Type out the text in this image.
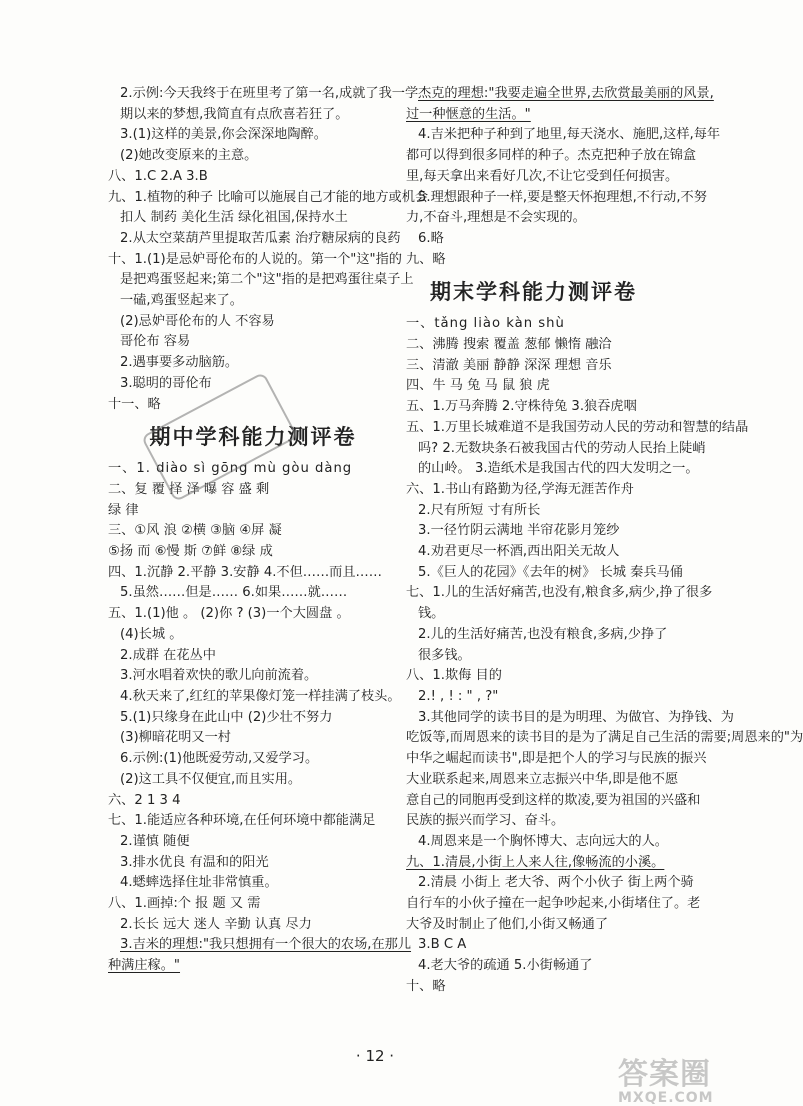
2.示例:今天我终于在班里考了第一名,成就了我一学
期以来的梦想,我简直有点欣喜若狂了。
3.(1)这样的美景,你会深深地陶醉。
(2)她改变原来的主意。
八、1.C 2.A 3.B
九、1.植物的种子 比喻可以施展自己才能的地方或机会
扣人 制药 美化生活 绿化祖国,保持水土
2.从太空菜葫芦里提取苦瓜素 治疗糖尿病的良药
十、1.(1)是忌妒哥伦布的人说的。第一个"这"指的
是把鸡蛋竖起来;第二个"这"指的是把鸡蛋往桌子上
一磕,鸡蛋竖起来了。
(2)忌妒哥伦布的人 不容易
哥伦布 容易
2.遇事要多动脑筋。
3.聪明的哥伦布
十一、略
期中学科能力测评卷
一、1. diào sì gōng mù gòu dàng
二、复 覆 择 泽 曝 容 盛 剩
绿 律
三、①风 浪 ②横 ③脑 ④屏 凝
⑤扬 而 ⑥慢 斯 ⑦鲜 ⑧绿 成
四、1.沉静 2.平静 3.安静 4.不但……而且……
5.虽然……但是…… 6.如果……就……
五、1.(1)他 。 (2)你 ? (3)一个大圆盘 。
(4)长城 。
2.成群 在花丛中
3.河水唱着欢快的歌儿向前流着。
4.秋天来了,红红的苹果像灯笼一样挂满了枝头。
5.(1)只缘身在此山中 (2)少壮不努力
(3)柳暗花明又一村
6.示例:(1)他既爱劳动,又爱学习。
(2)这工具不仅便宜,而且实用。
六、2 1 3 4
七、1.能适应各种环境,在任何环境中都能满足
2.谨慎 随便
3.排水优良 有温和的阳光
4.蟋蟀选择住址非常慎重。
八、1.画掉:个 报 题 又 需
2.长长 远大 迷人 辛勤 认真 尽力
3.吉米的理想:"我只想拥有一个很大的农场,在那儿
种满庄稼。"
杰克的理想:"我要走遍全世界,去欣赏最美丽的风景,
过一种惬意的生活。"
4.吉米把种子种到了地里,每天浇水、施肥,这样,每年
都可以得到很多同样的种子。杰克把种子放在锦盒
里,每天拿出来看好几次,不让它受到任何损害。
5.理想跟种子一样,要是整天怀抱理想,不行动,不努
力,不奋斗,理想是不会实现的。
6.略
九、略
期末学科能力测评卷
一、tǎng liào kàn shù
二、沸腾 搜索 覆盖 葱郁 懒惰 融洽
三、清澈 美丽 静静 深深 理想 音乐
四、牛 马 兔 马 鼠 狼 虎
五、1.万马奔腾 2.守株待兔 3.狼吞虎咽
五、1.万里长城难道不是我国劳动人民的劳动和智慧的结晶
吗? 2.无数块条石被我国古代的劳动人民抬上陡峭
的山岭。 3.造纸术是我国古代的四大发明之一。
六、1.书山有路勤为径,学海无涯苦作舟
2.尺有所短 寸有所长
3.一径竹阴云满地 半帘花影月笼纱
4.劝君更尽一杯酒,西出阳关无故人
5.《巨人的花园》《去年的树》 长城 秦兵马俑
七、1.儿的生活好痛苦,也没有,粮食多,病少,挣了很多
钱。
2.儿的生活好痛苦,也没有粮食,多病,少挣了
很多钱。
八、1.欺侮 目的
2.! , ! : " , ?"
3.其他同学的读书目的是为明理、为做官、为挣钱、为
吃饭等,而周恩来的读书目的是为了满足自己生活的需要;周恩来的"为
中华之崛起而读书",即是把个人的学习与民族的振兴
大业联系起来,周恩来立志振兴中华,即是他不愿
意自己的同胞再受到这样的欺凌,要为祖国的兴盛和
民族的振兴而学习、奋斗。
4.周恩来是一个胸怀博大、志向远大的人。
九、1.清晨,小街上人来人往,像畅流的小溪。
2.清晨 小街上 老大爷、两个小伙子 街上两个骑
自行车的小伙子撞在一起争吵起来,小街堵住了。老
大爷及时制止了他们,小街又畅通了
3.B C A
4.老大爷的疏通 5.小街畅通了
十、略

· 12 ·
答案圈
MXQE.COM
